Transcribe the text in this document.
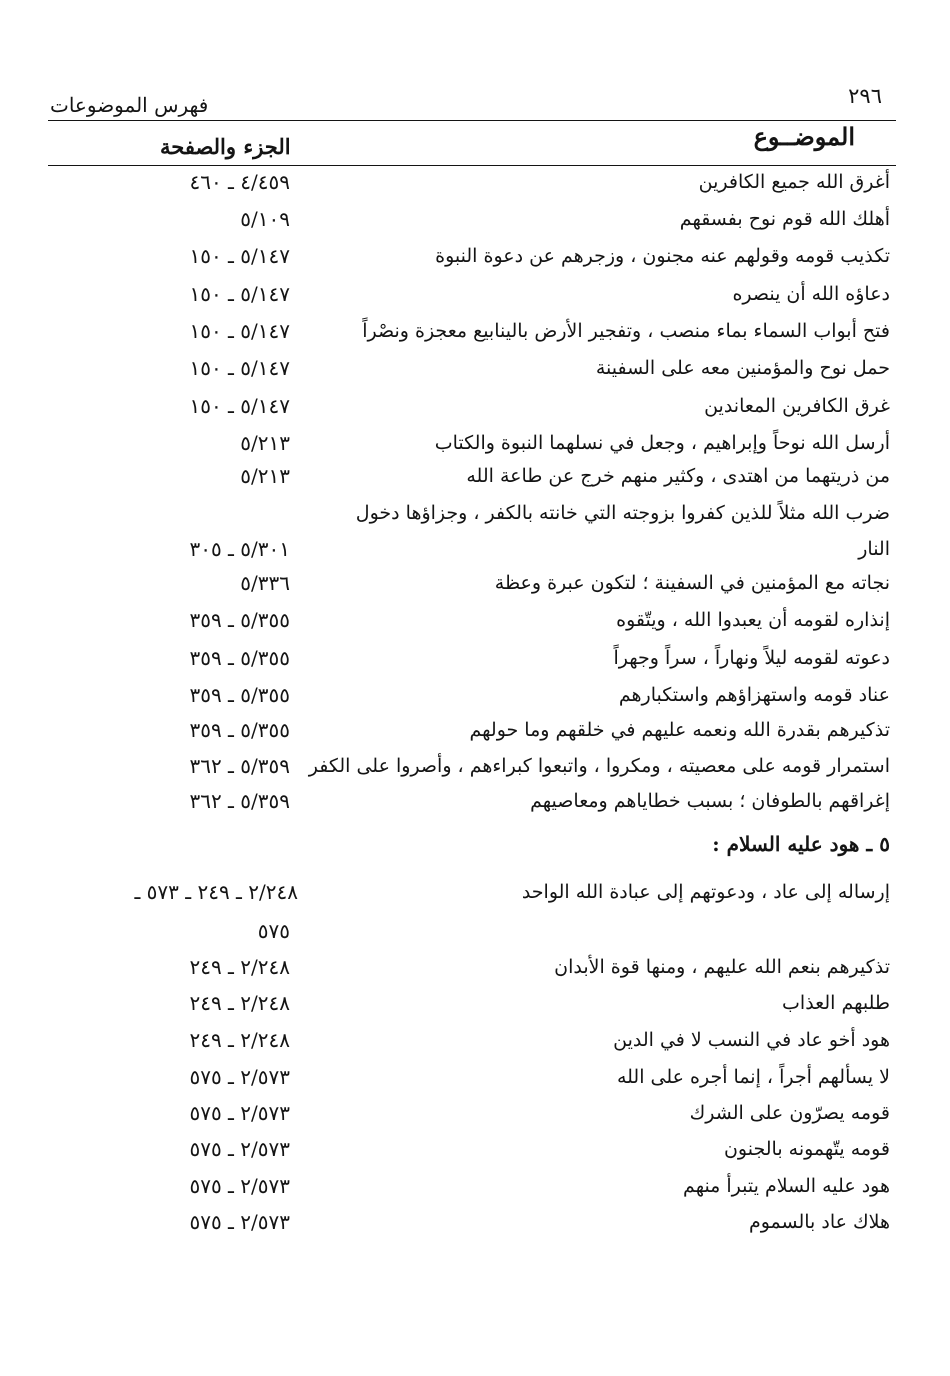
٢٩٦
فهرس الموضوعات
الموضــوع
الجزء والصفحة
أغرق الله جميع الكافرين
٤/٤٥٩ ـ ٤٦٠
أهلك الله قوم نوح بفسقهم
٥/١٠٩
تكذيب قومه وقولهم عنه مجنون ، وزجرهم عن دعوة النبوة
٥/١٤٧ ـ ١٥٠
دعاؤه الله أن ينصره
٥/١٤٧ ـ ١٥٠
فتح أبواب السماء بماء منصب ، وتفجير الأرض بالينابيع معجزة ونصْراً
٥/١٤٧ ـ ١٥٠
حمل نوح والمؤمنين معه على السفينة
٥/١٤٧ ـ ١٥٠
غرق الكافرين المعاندين
٥/١٤٧ ـ ١٥٠
أرسل الله نوحاً وإبراهيم ، وجعل في نسلهما النبوة والكتاب
٥/٢١٣
من ذريتهما من اهتدى ، وكثير منهم خرج عن طاعة الله
٥/٢١٣
ضرب الله مثلاً للذين كفروا بزوجته التي خانته بالكفر ، وجزاؤها دخول
النار
٥/٣٠١ ـ ٣٠٥
نجاته مع المؤمنين في السفينة ؛ لتكون عبرة وعظة
٥/٣٣٦
إنذاره لقومه أن يعبدوا الله ، ويتّقوه
٥/٣٥٥ ـ ٣٥٩
دعوته لقومه ليلاً ونهاراً ، سراً وجهراً
٥/٣٥٥ ـ ٣٥٩
عناد قومه واستهزاؤهم واستكبارهم
٥/٣٥٥ ـ ٣٥٩
تذكيرهم بقدرة الله ونعمه عليهم في خلقهم وما حولهم
٥/٣٥٥ ـ ٣٥٩
استمرار قومه على معصيته ، ومكروا ، واتبعوا كبراءهم ، وأصروا على الكفر
٥/٣٥٩ ـ ٣٦٢
إغراقهم بالطوفان ؛ بسبب خطاياهم ومعاصيهم
٥/٣٥٩ ـ ٣٦٢
٥ ـ هود عليه السلام :
إرساله إلى عاد ، ودعوتهم إلى عبادة الله الواحد
٢/٢٤٨ ـ ٢٤٩ ـ ٥٧٣ ـ
٥٧٥
تذكيرهم بنعم الله عليهم ، ومنها قوة الأبدان
٢/٢٤٨ ـ ٢٤٩
طلبهم العذاب
٢/٢٤٨ ـ ٢٤٩
هود أخو عاد في النسب لا في الدين
٢/٢٤٨ ـ ٢٤٩
لا يسألهم أجراً ، إنما أجره على الله
٢/٥٧٣ ـ ٥٧٥
قومه يصرّون على الشرك
٢/٥٧٣ ـ ٥٧٥
قومه يتّهمونه بالجنون
٢/٥٧٣ ـ ٥٧٥
هود عليه السلام يتبرأ منهم
٢/٥٧٣ ـ ٥٧٥
هلاك عاد بالسموم
٢/٥٧٣ ـ ٥٧٥
